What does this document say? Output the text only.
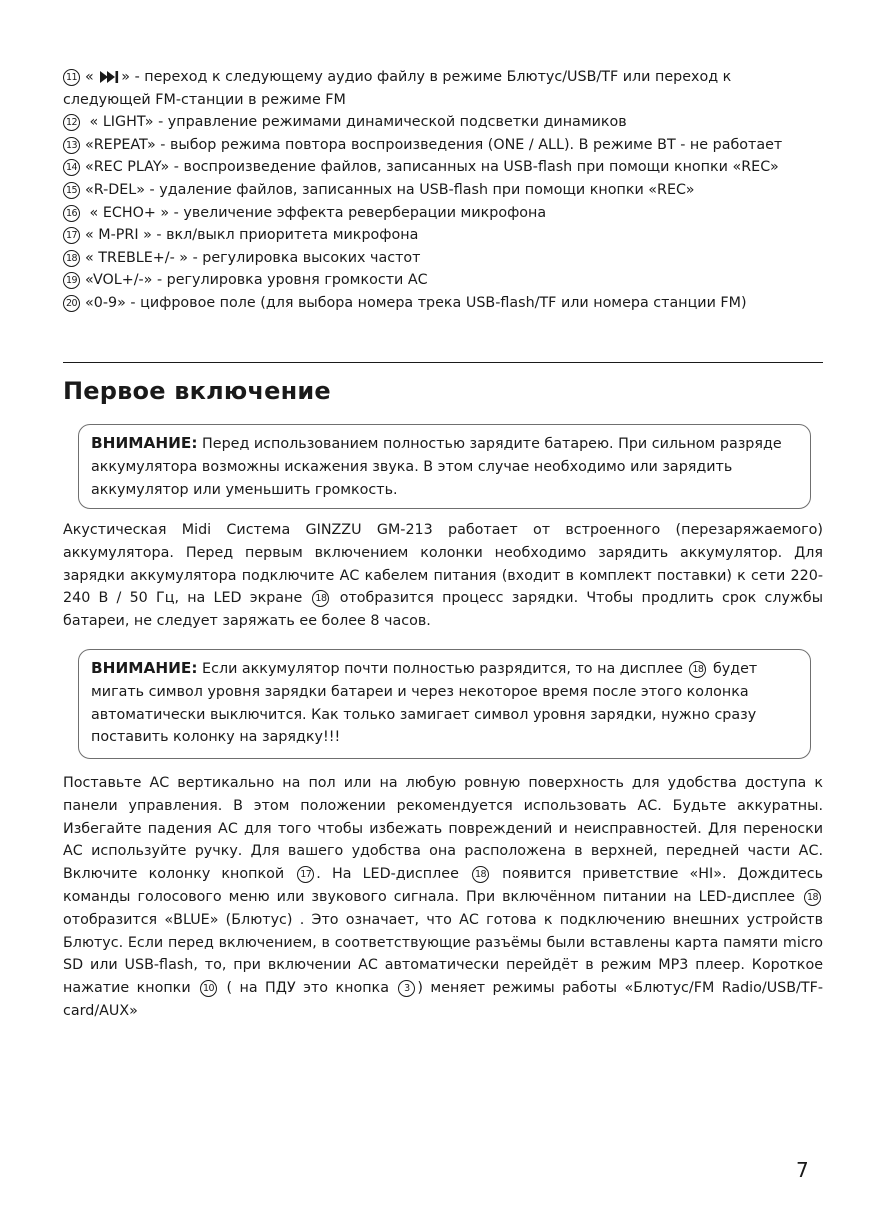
11 « » - переход к следующему аудио файлу в режиме Блютус/USB/TF или переход к следующей FM-станции в режиме FM

12 « LIGHT» - управление режимами динамической подсветки динамиков

13 «REPEAT» - выбор режима повтора воспроизведения (ONE / ALL). В режиме BT - не работает

14 «REC PLAY» - воспроизведение файлов, записанных на USB-flash при помощи кнопки «REC»

15 «R-DEL» - удаление файлов, записанных на USB-flash при помощи кнопки «REC»

16 « ECHO+ » - увеличение эффекта реверберации микрофона

17 « M-PRI » - вкл/выкл приоритета микрофона

18 « TREBLE+/- » - регулировка высоких частот

19 «VOL+/-» - регулировка уровня громкости АС

20 «0-9» - цифровое поле (для выбора номера трека USB-flash/TF или номера станции FM)

Первое включение
ВНИМАНИЕ: Перед использованием полностью зарядите батарею. При сильном разряде аккумулятора возможны искажения звука. В этом случае необходимо или зарядить аккумулятор или уменьшить громкость.

Акустическая Midi Система GINZZU GM-213 работает от встроенного (перезаряжаемого) аккумулятора. Перед первым включением колонки необходимо зарядить аккумулятор. Для зарядки аккумулятора подключите АС кабелем питания (входит в комплект поставки) к сети 220-240 В / 50 Гц, на LED экране 18 отобразится процесс зарядки. Чтобы продлить срок службы батареи, не следует заряжать ее более 8 часов.

ВНИМАНИЕ: Если аккумулятор почти полностью разрядится, то на дисплее 18 будет мигать символ уровня зарядки батареи и через некоторое время после этого колонка автоматически выключится. Как только замигает символ уровня зарядки, нужно сразу поставить колонку на зарядку!!!

Поставьте АС вертикально на пол или на любую ровную поверхность для удобства доступа к панели управления. В этом положении рекомендуется использовать АС. Будьте аккуратны. Избегайте падения АС для того чтобы избежать повреждений и неисправностей. Для переноски АС используйте ручку. Для вашего удобства она расположена в верхней, передней части АС. Включите колонку кнопкой 17 . На LED-дисплее 18 появится приветствие «HI». Дождитесь команды голосового меню или звукового сигнала. При включённом питании на LED-дисплее 18 отобразится «BLUE» (Блютус) . Это означает, что АС готова к подключению внешних устройств Блютус. Если перед включением, в соответствующие разъёмы были вставлены карта памяти micro SD или USB-flash, то, при включении АС автоматически перейдёт в режим MP3 плеер. Короткое нажатие кнопки 10 ( на ПДУ это кнопка 3 ) меняет режимы работы «Блютус/FM Radio/USB/TF-card/AUX»

7
